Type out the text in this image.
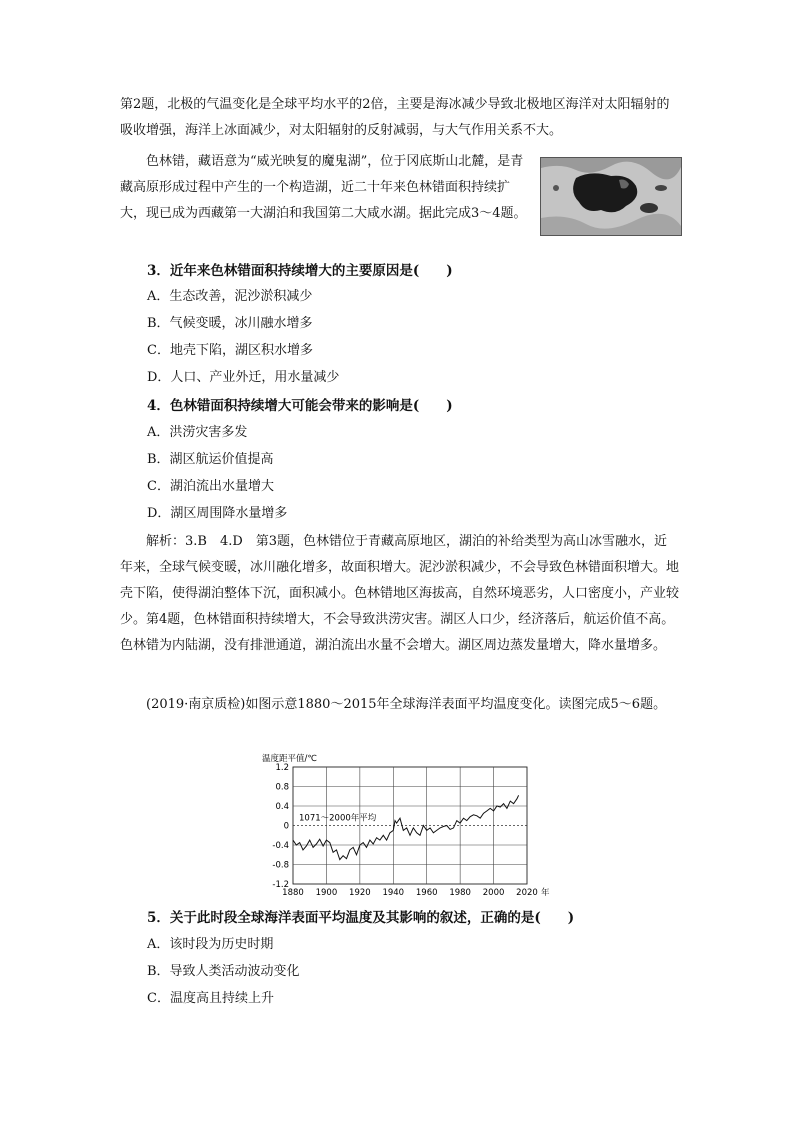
第2题，北极的气温变化是全球平均水平的2倍，主要是海冰减少导致北极地区海洋对太阳辐射的吸收增强，海洋上冰面减少，对太阳辐射的反射减弱，与大气作用关系不大。

色林错，藏语意为“威光映复的魔鬼湖”，位于冈底斯山北麓，是青藏高原形成过程中产生的一个构造湖，近二十年来色林错面积持续扩大，现已成为西藏第一大湖泊和我国第二大咸水湖。据此完成3～4题。

3．近年来色林错面积持续增大的主要原因是(　　)
A．生态改善，泥沙淤积减少
B．气候变暖，冰川融水增多
C．地壳下陷，湖区积水增多
D．人口、产业外迁，用水量减少
4．色林错面积持续增大可能会带来的影响是(　　)
A．洪涝灾害多发
B．湖区航运价值提高
C．湖泊流出水量增大
D．湖区周围降水量增多

解析：3.B　4.D　第3题，色林错位于青藏高原地区，湖泊的补给类型为高山冰雪融水，近年来，全球气候变暖，冰川融化增多，故面积增大。泥沙淤积减少，不会导致色林错面积增大。地壳下陷，使得湖泊整体下沉，面积减小。色林错地区海拔高，自然环境恶劣，人口密度小，产业较少。第4题，色林错面积持续增大，不会导致洪涝灾害。湖区人口少，经济落后，航运价值不高。色林错为内陆湖，没有排泄通道，湖泊流出水量不会增大。湖区周边蒸发量增大，降水量增多。

(2019·南京质检)如图示意1880～2015年全球海洋表面平均温度变化。读图完成5～6题。

温度距平值/℃
1.2
0.8
0.4
0
-0.4
-0.8
-1.2
1880 1900 1920 1940 1960 1980 2000 2020
1071～2000年平均
年
5．关于此时段全球海洋表面平均温度及其影响的叙述，正确的是(　　)
A．该时段为历史时期
B．导致人类活动波动变化
C．温度高且持续上升
